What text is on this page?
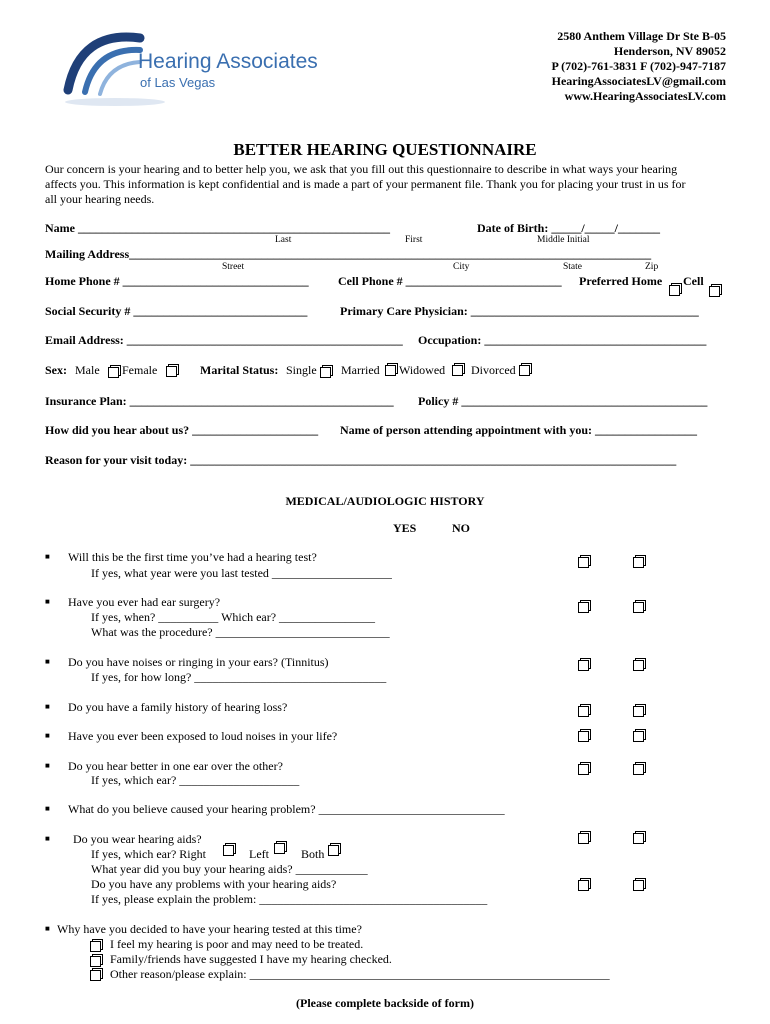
Hearing Associates
of Las Vegas
2580 Anthem Village Dr Ste B-05
Henderson, NV 89052
P (702)-761-3831 F (702)-947-7187
HearingAssociatesLV@gmail.com
www.HearingAssociatesLV.com
BETTER HEARING QUESTIONNAIRE
Our concern is your hearing and to better help you, we ask that you fill out this questionnaire to describe in what ways your hearing
affects you. This information is kept confidential and is made a part of your permanent file. Thank you for placing your trust in us for
all your hearing needs.
Name ____________________________________________________	Date of Birth: _____/_____/_______
Last	First	Middle Initial
Mailing Address_______________________________________________________________________________________
Street	City	State	Zip
Home Phone # _______________________________ Cell Phone # __________________________ Preferred Home Cell
Social Security # _____________________________	Primary Care Physician: ______________________________________
Email Address: ______________________________________________ Occupation: _____________________________________
Sex: Male Female	Marital Status: Single Married Widowed Divorced
Insurance Plan: ____________________________________________ Policy # _________________________________________
How did you hear about us? _____________________ Name of person attending appointment with you: _________________
Reason for your visit today: _________________________________________________________________________________
MEDICAL/AUDIOLOGIC HISTORY
YES	NO
■ Will this be the first time you’ve had a hearing test?
If yes, what year were you last tested ____________________
■ Have you ever had ear surgery?
If yes, when? __________ Which ear? ________________
What was the procedure? _____________________________
■ Do you have noises or ringing in your ears? (Tinnitus)
If yes, for how long? ________________________________
■ Do you have a family history of hearing loss?
■ Have you ever been exposed to loud noises in your life?
■ Do you hear better in one ear over the other?
If yes, which ear? ____________________
■ What do you believe caused your hearing problem? _______________________________
■ Do you wear hearing aids?
If yes, which ear? Right	Left	Both
What year did you buy your hearing aids? ____________
Do you have any problems with your hearing aids?
If yes, please explain the problem: ______________________________________
■ Why have you decided to have your hearing tested at this time?
I feel my hearing is poor and may need to be treated.
Family/friends have suggested I have my hearing checked.
Other reason/please explain: ____________________________________________________________
(Please complete backside of form)
